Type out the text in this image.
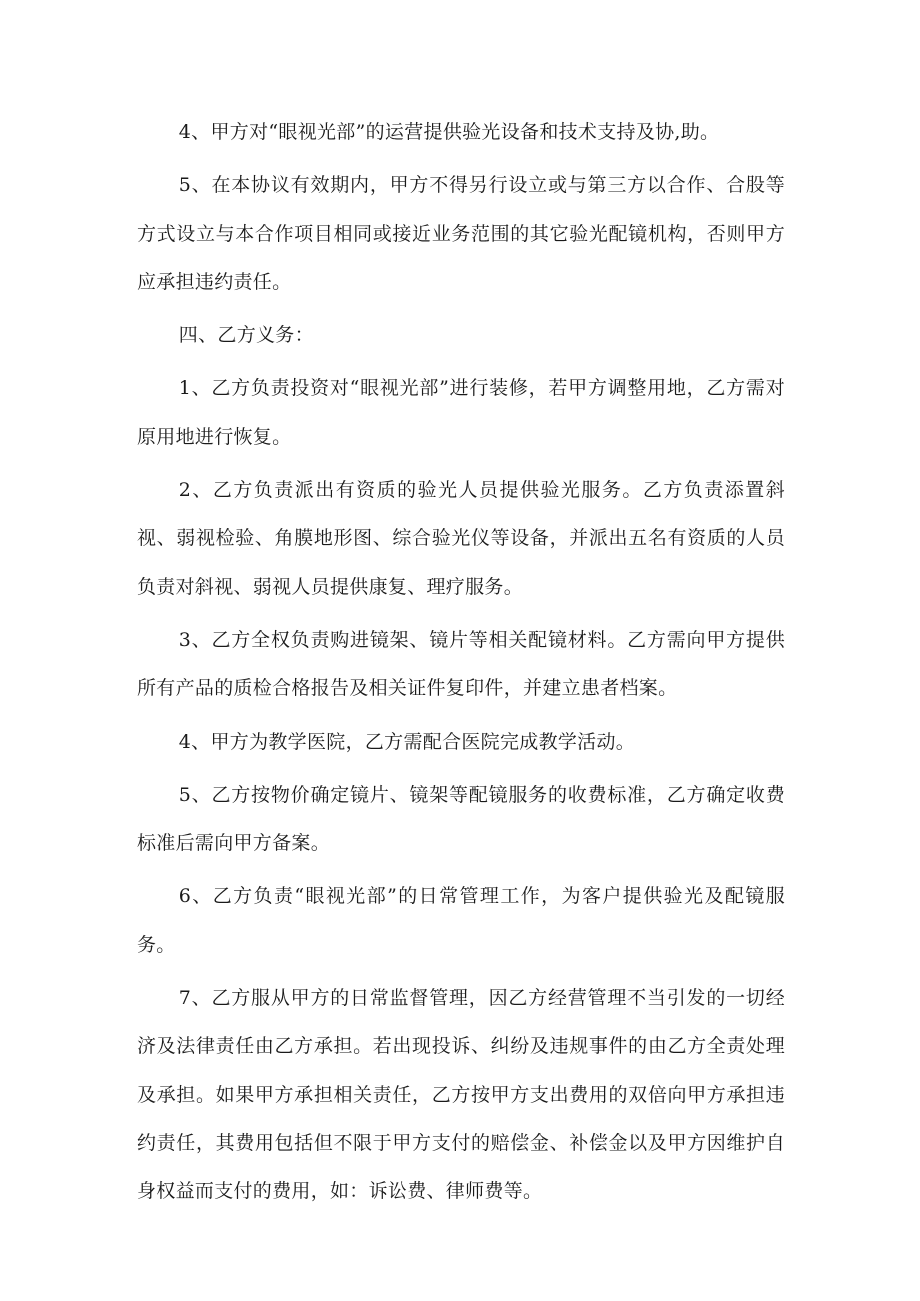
4、甲方对“眼视光部”的运营提供验光设备和技术支持及协,助。

5、在本协议有效期内，甲方不得另行设立或与第三方以合作、合股等方式设立与本合作项目相同或接近业务范围的其它验光配镜机构，否则甲方应承担违约责任。

四、乙方义务：

1、乙方负责投资对“眼视光部”进行装修，若甲方调整用地，乙方需对原用地进行恢复。

2、乙方负责派出有资质的验光人员提供验光服务。乙方负责添置斜视、弱视检验、角膜地形图、综合验光仪等设备，并派出五名有资质的人员负责对斜视、弱视人员提供康复、理疗服务。

3、乙方全权负责购进镜架、镜片等相关配镜材料。乙方需向甲方提供所有产品的质检合格报告及相关证件复印件，并建立患者档案。

4、甲方为教学医院，乙方需配合医院完成教学活动。

5、乙方按物价确定镜片、镜架等配镜服务的收费标准，乙方确定收费标准后需向甲方备案。

6、乙方负责“眼视光部”的日常管理工作，为客户提供验光及配镜服务。

7、乙方服从甲方的日常监督管理，因乙方经营管理不当引发的一切经济及法律责任由乙方承担。若出现投诉、纠纷及违规事件的由乙方全责处理及承担。如果甲方承担相关责任，乙方按甲方支出费用的双倍向甲方承担违约责任，其费用包括但不限于甲方支付的赔偿金、补偿金以及甲方因维护自身权益而支付的费用，如：诉讼费、律师费等。
